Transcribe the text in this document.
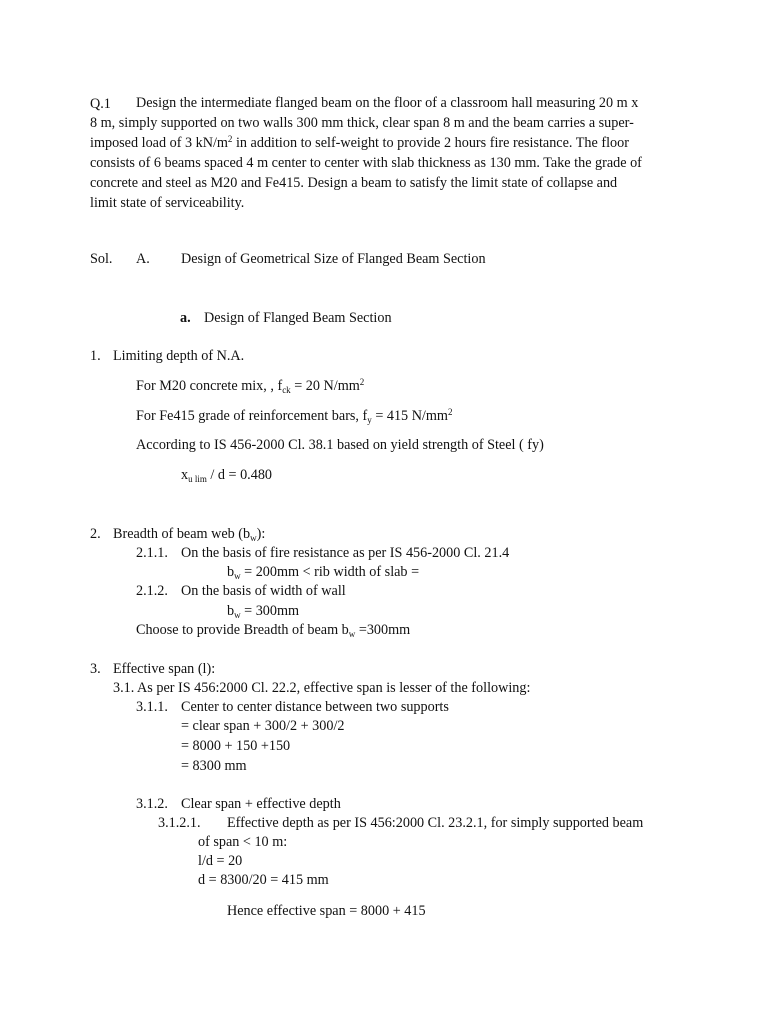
Q.1	Design the intermediate flanged beam on the floor of a classroom hall measuring 20 m x
8 m, simply supported on two walls 300 mm thick, clear span 8 m and the beam carries a super-
imposed load of 3 $kN/m^2$ in addition to self-weight to provide 2 hours fire resistance. The floor
consists of 6 beams spaced 4 m center to center with slab thickness as 130 mm. Take the grade of
concrete and steel as M20 and Fe415. Design a beam to satisfy the limit state of collapse and
limit state of serviceability.
Sol. A. Design of Geometrical Size of Flanged Beam Section
a. Design of Flanged Beam Section
1. Limiting depth of N.A.
For M20 concrete mix, , $f_{ck} = 20$ $N/mm^2$
For Fe415 grade of reinforcement bars, $f_y = 415$ $N/mm^2$
According to IS 456-2000 Cl. 38.1 based on yield strength of Steel ( fy)
$x_{u lim} / d = 0.480$
2. Breadth of beam web $(b_w)$:
2.1.1. On the basis of fire resistance as per IS 456-2000 Cl. 21.4
$b_w = 200mm$ < rib width of slab =
2.1.2. On the basis of width of wall
$b_w = 300mm$
Choose to provide Breadth of beam $b_w =300mm$
3. Effective span (l):
3.1. As per IS 456:2000 Cl. 22.2, effective span is lesser of the following:
3.1.1. Center to center distance between two supports
= clear span + 300/2 + 300/2
= 8000 + 150 +150
= 8300 mm
3.1.2. Clear span + effective depth
3.1.2.1. Effective depth as per IS 456:2000 Cl. 23.2.1, for simply supported beam
of span < 10 m:
l/d = 20
d = 8300/20 = 415 mm
Hence effective span = 8000 + 415
